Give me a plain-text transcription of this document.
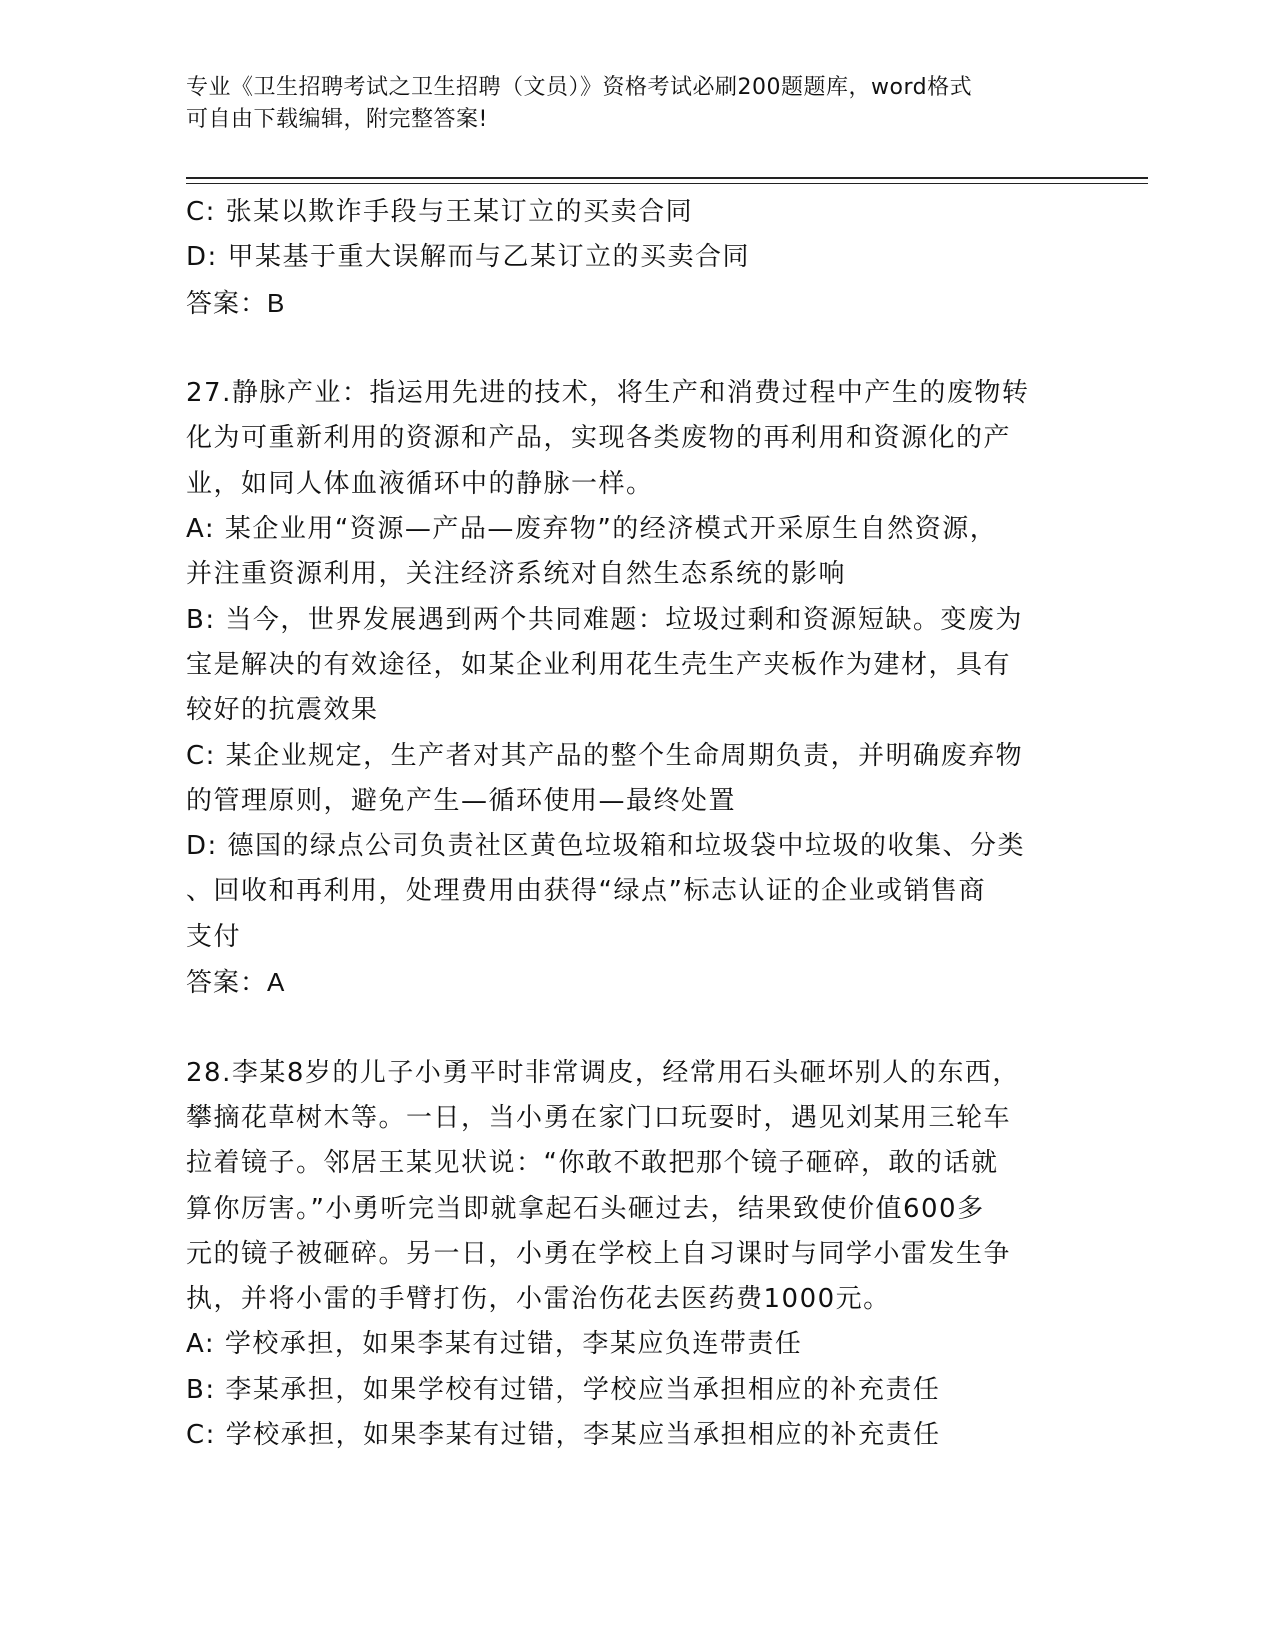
专业《卫生招聘考试之卫生招聘（文员）》资格考试必刷200题题库，word格式
可自由下载编辑，附完整答案!
C: 张某以欺诈手段与王某订立的买卖合同
D: 甲某基于重大误解而与乙某订立的买卖合同
答案：B
27.静脉产业：指运用先进的技术，将生产和消费过程中产生的废物转
化为可重新利用的资源和产品，实现各类废物的再利用和资源化的产
业，如同人体血液循环中的静脉一样。
A: 某企业用“资源—产品—废弃物”的经济模式开采原生自然资源，
并注重资源利用，关注经济系统对自然生态系统的影响
B: 当今，世界发展遇到两个共同难题：垃圾过剩和资源短缺。变废为
宝是解决的有效途径，如某企业利用花生壳生产夹板作为建材，具有
较好的抗震效果
C: 某企业规定，生产者对其产品的整个生命周期负责，并明确废弃物
的管理原则，避免产生—循环使用—最终处置
D: 德国的绿点公司负责社区黄色垃圾箱和垃圾袋中垃圾的收集、分类
、回收和再利用，处理费用由获得“绿点”标志认证的企业或销售商
支付
答案：A
28.李某8岁的儿子小勇平时非常调皮，经常用石头砸坏别人的东西，
攀摘花草树木等。一日，当小勇在家门口玩耍时，遇见刘某用三轮车
拉着镜子。邻居王某见状说：“你敢不敢把那个镜子砸碎，敢的话就
算你厉害。”小勇听完当即就拿起石头砸过去，结果致使价值600多
元的镜子被砸碎。另一日，小勇在学校上自习课时与同学小雷发生争
执，并将小雷的手臂打伤，小雷治伤花去医药费1000元。
A: 学校承担，如果李某有过错，李某应负连带责任
B: 李某承担，如果学校有过错，学校应当承担相应的补充责任
C: 学校承担，如果李某有过错，李某应当承担相应的补充责任
